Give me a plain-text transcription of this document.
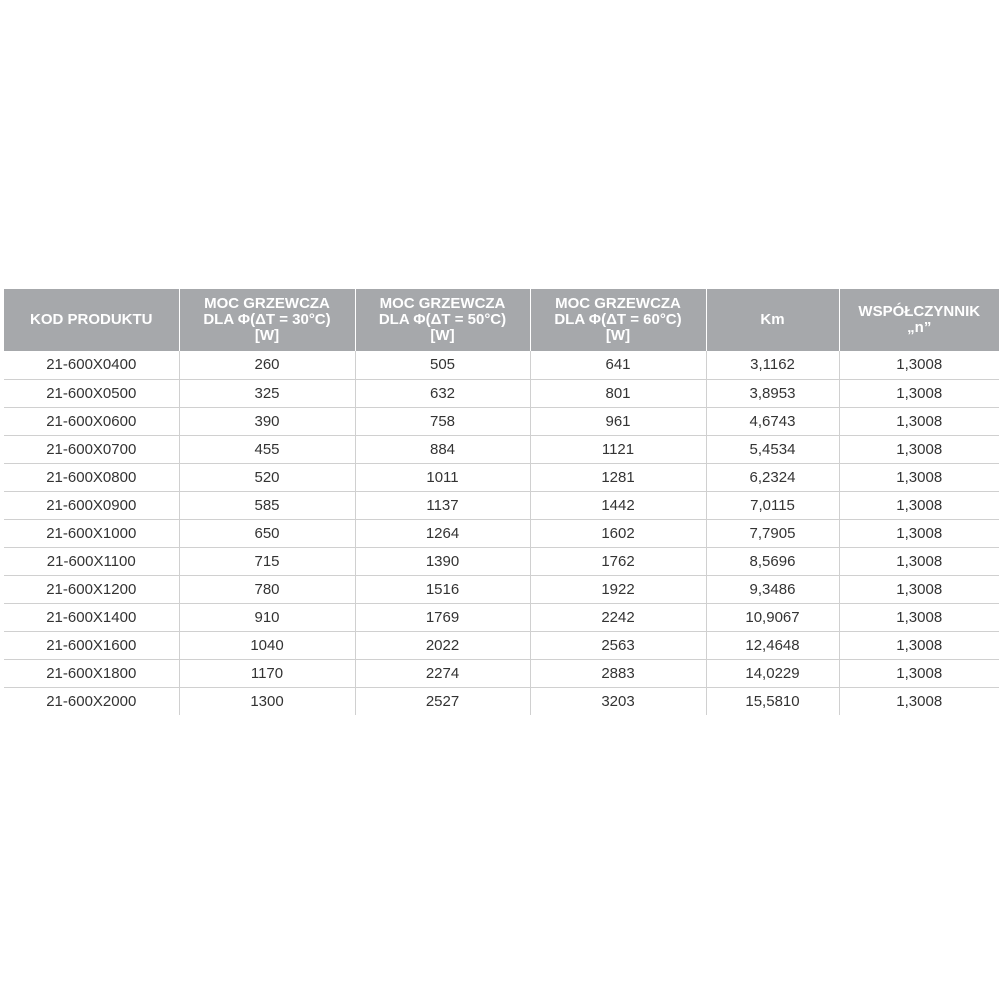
KOD PRODUKTU	MOC GRZEWCZA
DLA Φ(ΔT = 30°C)
[W]	MOC GRZEWCZA
DLA Φ(ΔT = 50°C)
[W]	MOC GRZEWCZA
DLA Φ(ΔT = 60°C)
[W]	Km	WSPÓŁCZYNNIK
„n”

21-600X0400	260	505	641	3,1162	1,3008
21-600X0500	325	632	801	3,8953	1,3008
21-600X0600	390	758	961	4,6743	1,3008
21-600X0700	455	884	1121	5,4534	1,3008
21-600X0800	520	1011	1281	6,2324	1,3008
21-600X0900	585	1137	1442	7,0115	1,3008
21-600X1000	650	1264	1602	7,7905	1,3008
21-600X1100	715	1390	1762	8,5696	1,3008
21-600X1200	780	1516	1922	9,3486	1,3008
21-600X1400	910	1769	2242	10,9067	1,3008
21-600X1600	1040	2022	2563	12,4648	1,3008
21-600X1800	1170	2274	2883	14,0229	1,3008
21-600X2000	1300	2527	3203	15,5810	1,3008
